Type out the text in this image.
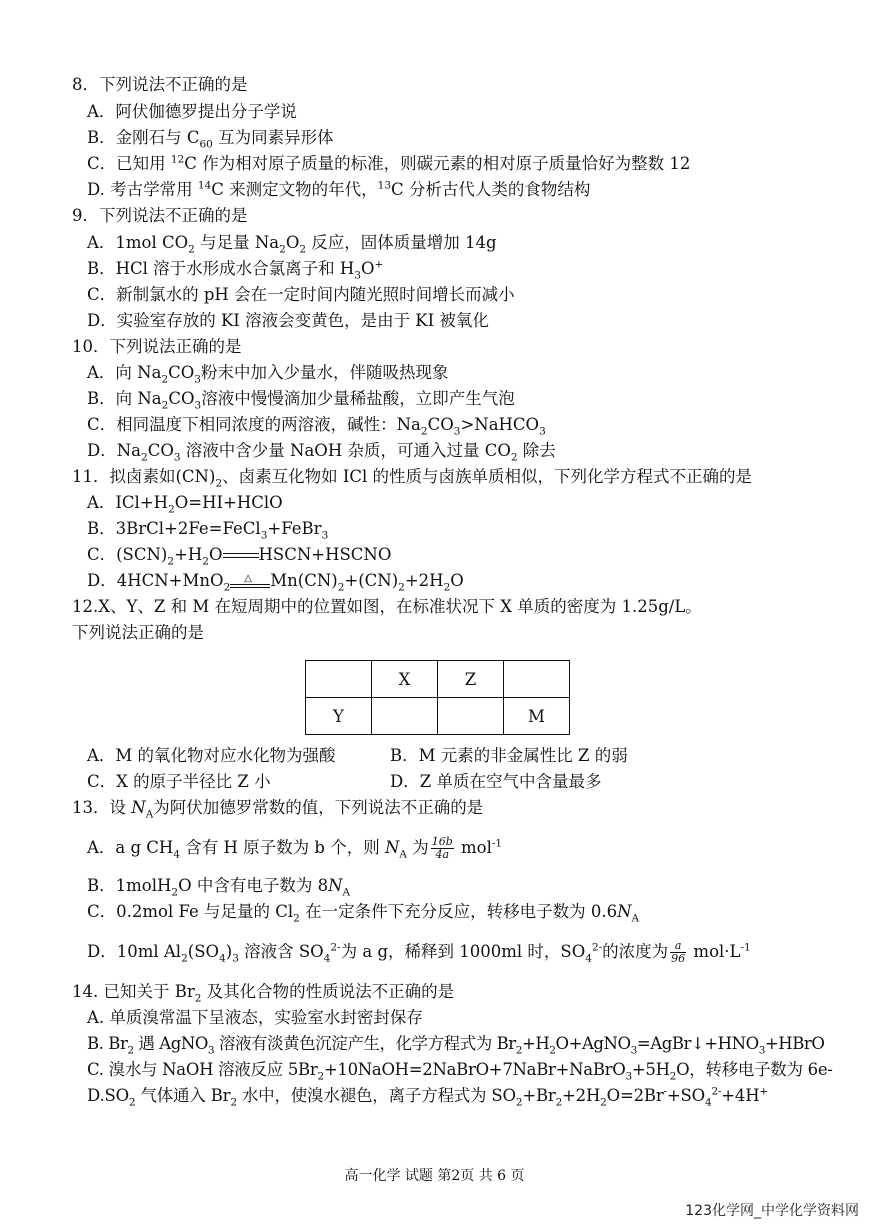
8．下列说法不正确的是
A．阿伏伽德罗提出分子学说
B．金刚石与 $C_{60}$ 互为同素异形体
C．已知用 $^{12}$C 作为相对原子质量的标准，则碳元素的相对原子质量恰好为整数 12
D. 考古学常用 $^{14}$C 来测定文物的年代，$^{13}$C 分析古代人类的食物结构
9．下列说法不正确的是
A．1mol $CO_2$ 与足量 $Na_2O_2$ 反应，固体质量增加 14g
B．HCl 溶于水形成水合氯离子和 $H_3O^+$
C．新制氯水的 pH 会在一定时间内随光照时间增长而减小
D．实验室存放的 KI 溶液会变黄色，是由于 KI 被氧化
10．下列说法正确的是
A．向 $Na_2CO_3$粉末中加入少量水，伴随吸热现象
B．向 $Na_2CO_3$溶液中慢慢滴加少量稀盐酸，立即产生气泡
C．相同温度下相同浓度的两溶液，碱性：$Na_2CO_3>NaHCO_3$
D．$Na_2CO_3$ 溶液中含少量 NaOH 杂质，可通入过量 $CO_2$ 除去
11．拟卤素如$(CN)_2$、卤素互化物如 ICl 的性质与卤族单质相似，下列化学方程式不正确的是
A．$ICl+H_2O=HI+HClO$
B．3BrCl+2Fe=FeCl$_3$+FeBr$_3$
C．$(SCN)_2+H_2O$ HSCN+HSCNO
D．4HCN+MnO$_2$
△ $Mn(CN)_2+(CN)_2+2H_2O$
12.X、Y、Z 和 M 在短周期中的位置如图，在标准状况下 X 单质的密度为 1.25g/L。
下列说法正确的是
	X	Z	
Y			M
A．M 的氧化物对应水化物为强酸	B．M 元素的非金属性比 Z 的弱
C．X 的原子半径比 Z 小	D．Z 单质在空气中含量最多
13．设 $N_A$为阿伏加德罗常数的值，下列说法不正确的是
A．a g $CH_4$ 含有 H 原子数为 b 个，则 $N_A$ 为 $\frac{16b}{4a} mol^{-1}$
B．1molH$_2$O 中含有电子数为 $8N_A$
C．0.2mol Fe 与足量的 $Cl_2$ 在一定条件下充分反应，转移电子数为 $0.6N_A$
D．10ml $Al_2(SO_4)_3$ 溶液含 $SO_4^{2-}$为 a g，稀释到 1000ml 时，$SO_4^{2-}$的浓度为 $\frac{a}{96} mol\cdot L^{-1}$
14. 已知关于 $Br_2$ 及其化合物的性质说法不正确的是
A. 单质溴常温下呈液态，实验室水封密封保存
B. $Br_2$ 遇 AgNO$_3$ 溶液有淡黄色沉淀产生，化学方程式为 $Br_2+H_2O+AgNO_3=AgBr↓+HNO_3+HBrO$
C. 溴水与 NaOH 溶液反应 $5Br_2+10NaOH=2NaBrO+7NaBr+NaBrO_3+5H_2O$，转移电子数为 6e-
$D.SO_2$ 气体通入 $Br_2$ 水中，使溴水褪色，离子方程式为 $SO_2+Br_2+2H_2O=2Br^-+SO_4^{2-}+4H^+$
高一化学 试题 第2页 共 6 页
123化学网_中学化学资料网
